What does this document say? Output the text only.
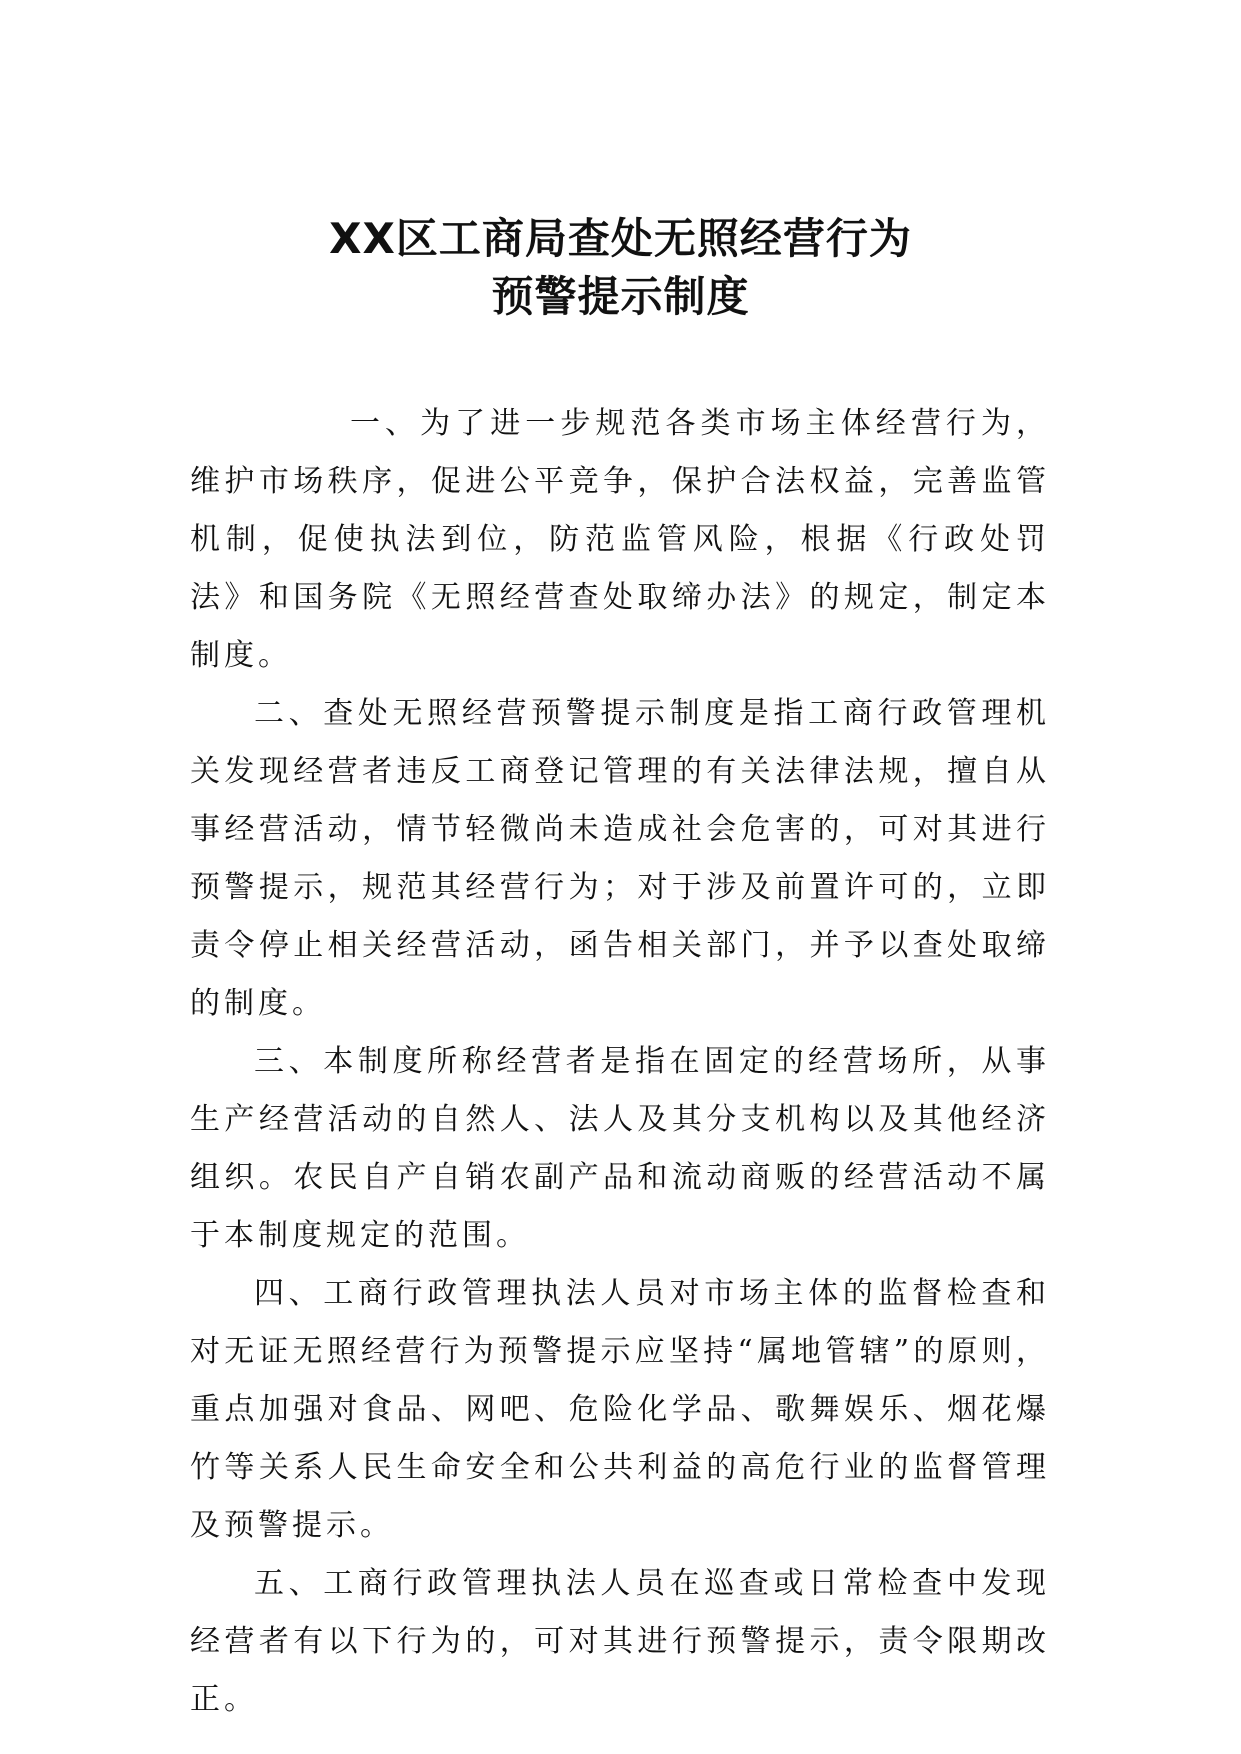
XX区工商局查处无照经营行为
预警提示制度

一、为了进一步规范各类市场主体经营行为，维护市场秩序，促进公平竞争，保护合法权益，完善监管机制，促使执法到位，防范监管风险，根据《行政处罚法》和国务院《无照经营查处取缔办法》的规定，制定本制度。

二、查处无照经营预警提示制度是指工商行政管理机关发现经营者违反工商登记管理的有关法律法规，擅自从事经营活动，情节轻微尚未造成社会危害的，可对其进行预警提示，规范其经营行为；对于涉及前置许可的，立即责令停止相关经营活动，函告相关部门，并予以查处取缔的制度。

三、本制度所称经营者是指在固定的经营场所，从事生产经营活动的自然人、法人及其分支机构以及其他经济组织。农民自产自销农副产品和流动商贩的经营活动不属于本制度规定的范围。

四、工商行政管理执法人员对市场主体的监督检查和对无证无照经营行为预警提示应坚持“属地管辖”的原则，重点加强对食品、网吧、危险化学品、歌舞娱乐、烟花爆竹等关系人民生命安全和公共利益的高危行业的监督管理及预警提示。

五、工商行政管理执法人员在巡查或日常检查中发现经营者有以下行为的，可对其进行预警提示，责令限期改正。
